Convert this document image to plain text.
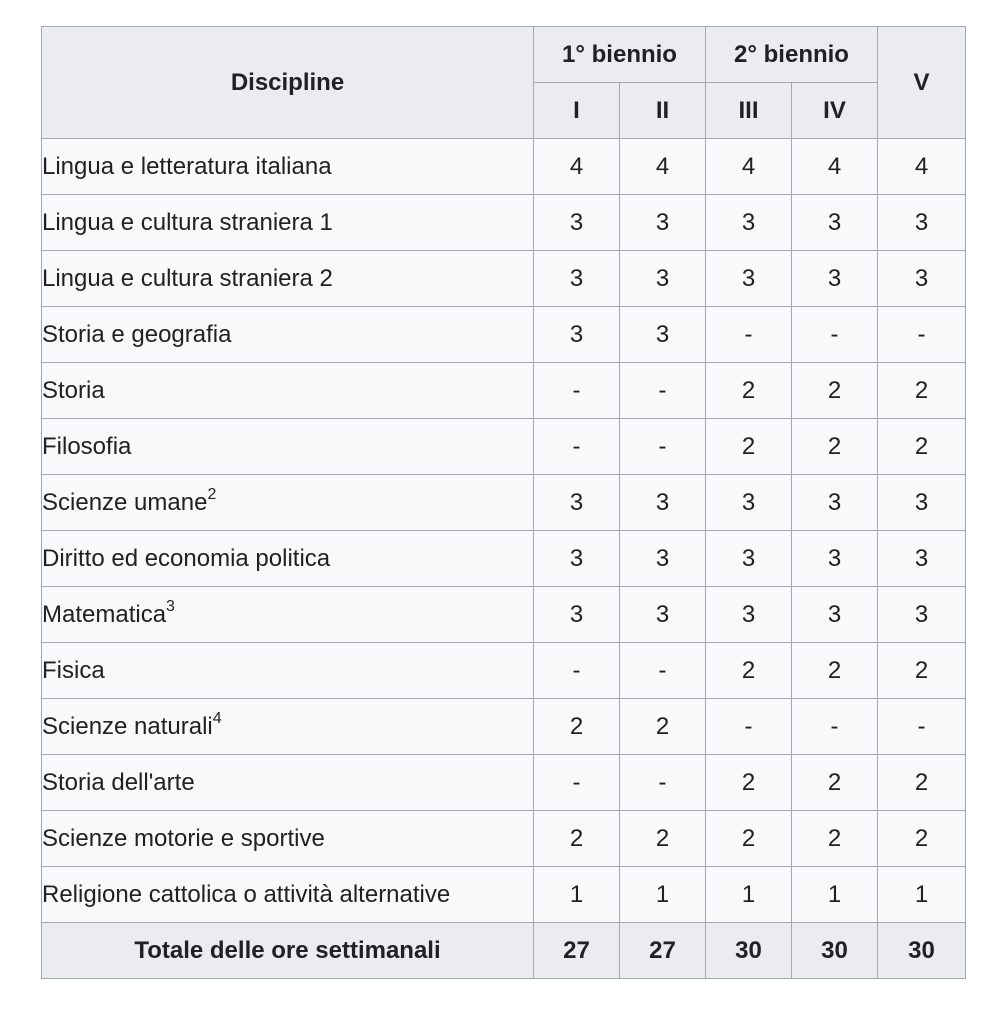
Discipline	1° biennio		2° biennio		V
	I	II	III	IV	
Lingua e letteratura italiana	4	4	4	4	4
Lingua e cultura straniera 1	3	3	3	3	3
Lingua e cultura straniera 2	3	3	3	3	3
Storia e geografia	3	3	-	-	-
Storia	-	-	2	2	2
Filosofia	-	-	2	2	2
Scienze umane$^2$	3	3	3	3	3
Diritto ed economia politica	3	3	3	3	3
Matematica$^3$	3	3	3	3	3
Fisica	-	-	2	2	2
Scienze naturali$^4$	2	2	-	-	-
Storia dell'arte	-	-	2	2	2
Scienze motorie e sportive	2	2	2	2	2
Religione cattolica o attività alternative	1	1	1	1	1
Totale delle ore settimanali	27	27	30	30	30
